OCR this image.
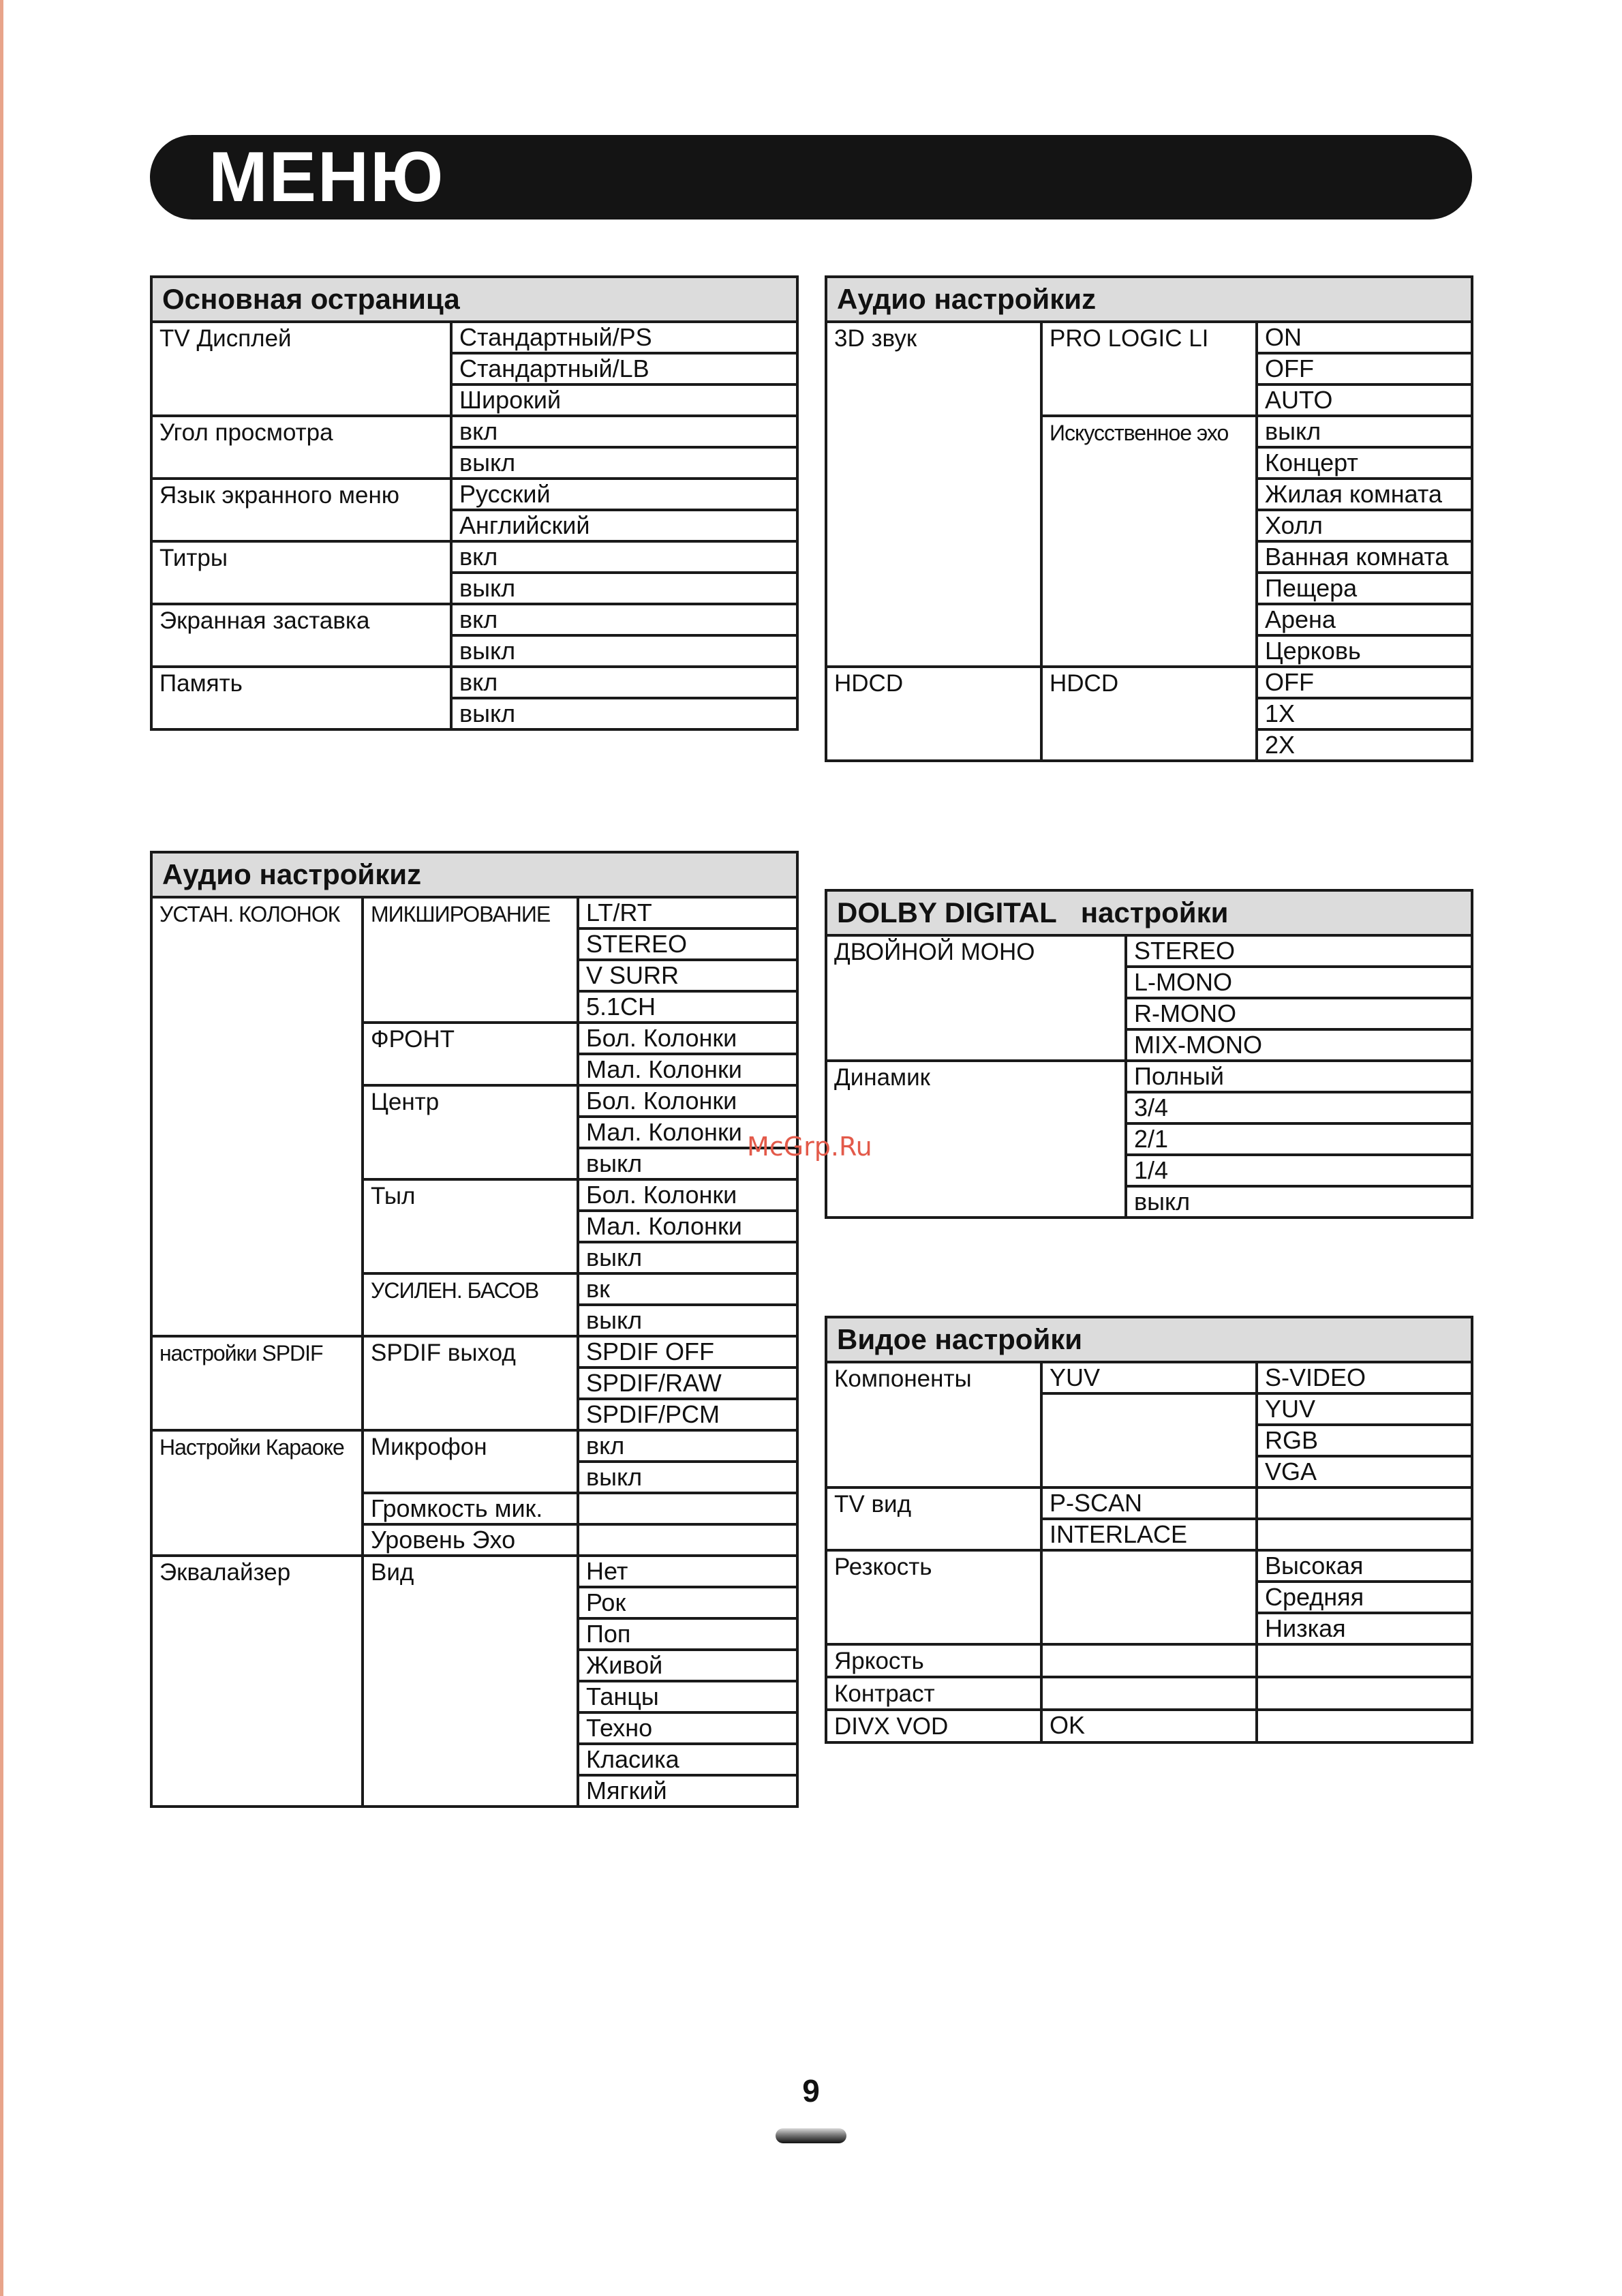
МЕНЮ
Основная остраница	
TV Дисплей	Стандартный/PS
	Стандартный/LB
	Широкий
Угол просмотра	вкл
	выкл
Язык экранного меню	Русский
	Английский
Титры	вкл
	выкл
Экранная заставка	вкл
	выкл
Память	вкл
	выкл
Аудио настройкиz		
3D звук	PRO LOGIC LI	ON
		OFF
		AUTO
	Искусственное эхо	выкл
		Концерт
		Жилая комната
		Холл
		Ванная комната
		Пещера
		Арена
		Церковь
HDCD	HDCD	OFF
		1X
		2X
Аудио настройкиz		
УСТАН. КОЛОНОК	МИКШИРОВАНИЕ	LT/RT
		STEREO
		V SURR
		5.1CH
	ФРОНТ	Бол. Колонки
		Мал. Колонки
	Центр	Бол. Колонки
		Мал. Колонки
		выкл
	Тыл	Бол. Колонки
		Мал. Колонки
		выкл
	УСИЛЕН. БАСОВ	вк
		выкл
настройки SPDIF	SPDIF выход	SPDIF OFF
		SPDIF/RAW
		SPDIF/PCM
Настройки Караоке	Микрофон	вкл
		выкл
	Громкость мик.	
	Уровень Эхо	
Эквалайзер	Вид	Нет
		Рок
		Поп
		Живой
		Танцы
		Техно
		Класика
		Мягкий
DOLBY DIGITAL настройки	
ДВОЙНОЙ МОНО	STEREO
	L-MONO
	R-MONO
	MIX-MONO
Динамик	Полный
	3/4
	2/1
	1/4
	выкл
Видое настройки		
Компоненты	YUV	S-VIDEO
		YUV
		RGB
		VGA
TV вид	P-SCAN	
	INTERLACE	
Резкость		Высокая
		Средняя
		Низкая
Яркость		
Контраст		
DIVX VOD	OK	
McGrp.Ru
9
